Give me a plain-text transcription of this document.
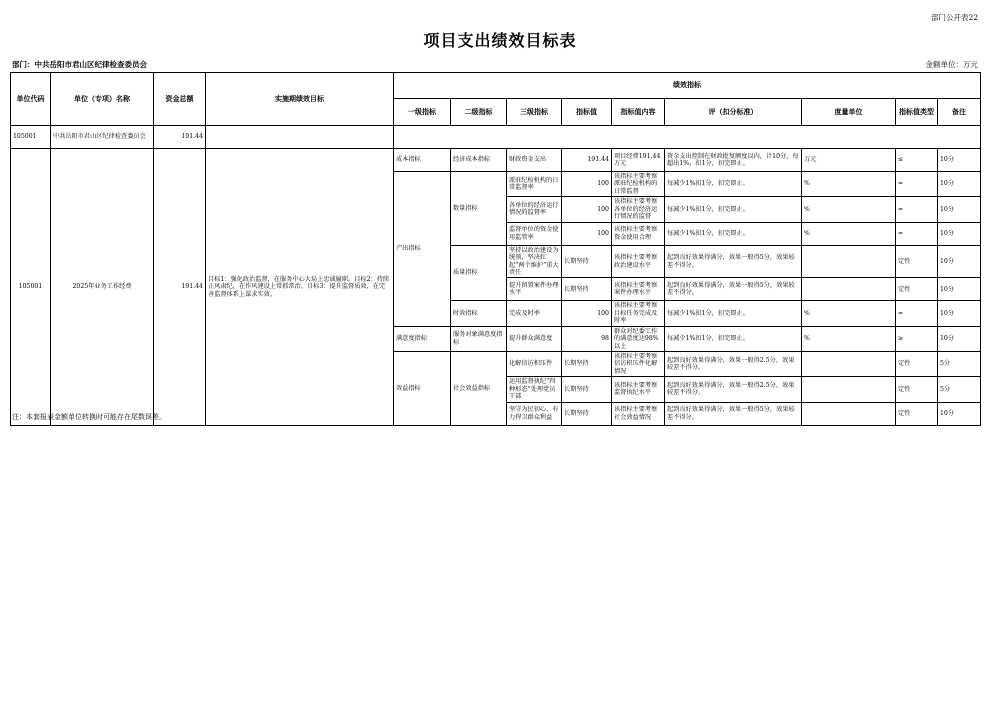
部门公开表22
项目支出绩效目标表
部门：中共岳阳市君山区纪律检查委员会	金额单位：万元
单位代码	单位（专项）名称	资金总额	实施期绩效目标	绩效指标								
				一级指标	二级指标	三级指标	指标值	指标值内容	评（扣分标准）	度量单位	指标值类型	备注
105001	中共岳阳市君山区纪律检查委员会	191.44										
105001	2025年业务工作经费	191.44	目标1：强化政治监督，在服务中心大局上忠诚履职。目标2：持续正风肃纪，在作风建设上常抓常治。目标3：提升监督质效，在完善监督体系上谋求实效。	成本指标	经济成本指标	财政资金支出	191.44	项目经费191.44万元	资金支出控制在财政批复额度以内，计10分，每超出1%，扣1分，扣完即止。	万元	≤	10分
				产出指标	数量指标	派驻纪检机构的日常监督率	100	该指标主要考察派驻纪检机构的日常监督	每减少1%扣1分，扣完即止。	%	=	10分
						各单位的经济运行情况的监督率	100	该指标主要考察各单位的经济运行情况的监督	每减少1%扣1分，扣完即止。	%	=	10分
						监督单位的资金使用监管率	100	该指标主要考察资金使用合理	每减少1%扣1分，扣完即止。	%	=	10分
					质量指标	坚持以政治建设为统领，坚决扛起“两个维护”重大责任	长期坚持	该指标主要考察政治建设水平	起到良好效果得满分，效果一般得5分，效果较差不得分。		定性	10分
						提升留置案件办理水平	长期坚持	该指标主要考察案件办理水平	起到良好效果得满分，效果一般得5分，效果较差不得分。		定性	10分
					时效指标	完成及时率	100	该指标主要考察目标任务完成及时率	每减少1%扣1分，扣完即止。	%	=	10分
				满意度指标	服务对象满意度指标	提升群众满意度	98	群众对纪委工作的满意度达98%以上	每减少1%扣1分，扣完即止。	%	≥	10分
				效益指标	社会效益指标	化解信访积压件	长期坚持	该指标主要考察信访积压件化解情况	起到良好效果得满分，效果一般得2.5分，效果较差不得分。		定性	5分
						运用监督执纪“四种形态”处理党员干部	长期坚持	该指标主要考察监督执纪水平	起到良好效果得满分，效果一般得2.5分，效果较差不得分。		定性	5分
						坚守为民初心，有力捍卫群众利益	长期坚持	该指标主要考察社会效益情况	起到良好效果得满分，效果一般得5分，效果较差不得分。		定性	10分
注：本套报表金额单位转换时可能存在尾数误差。
